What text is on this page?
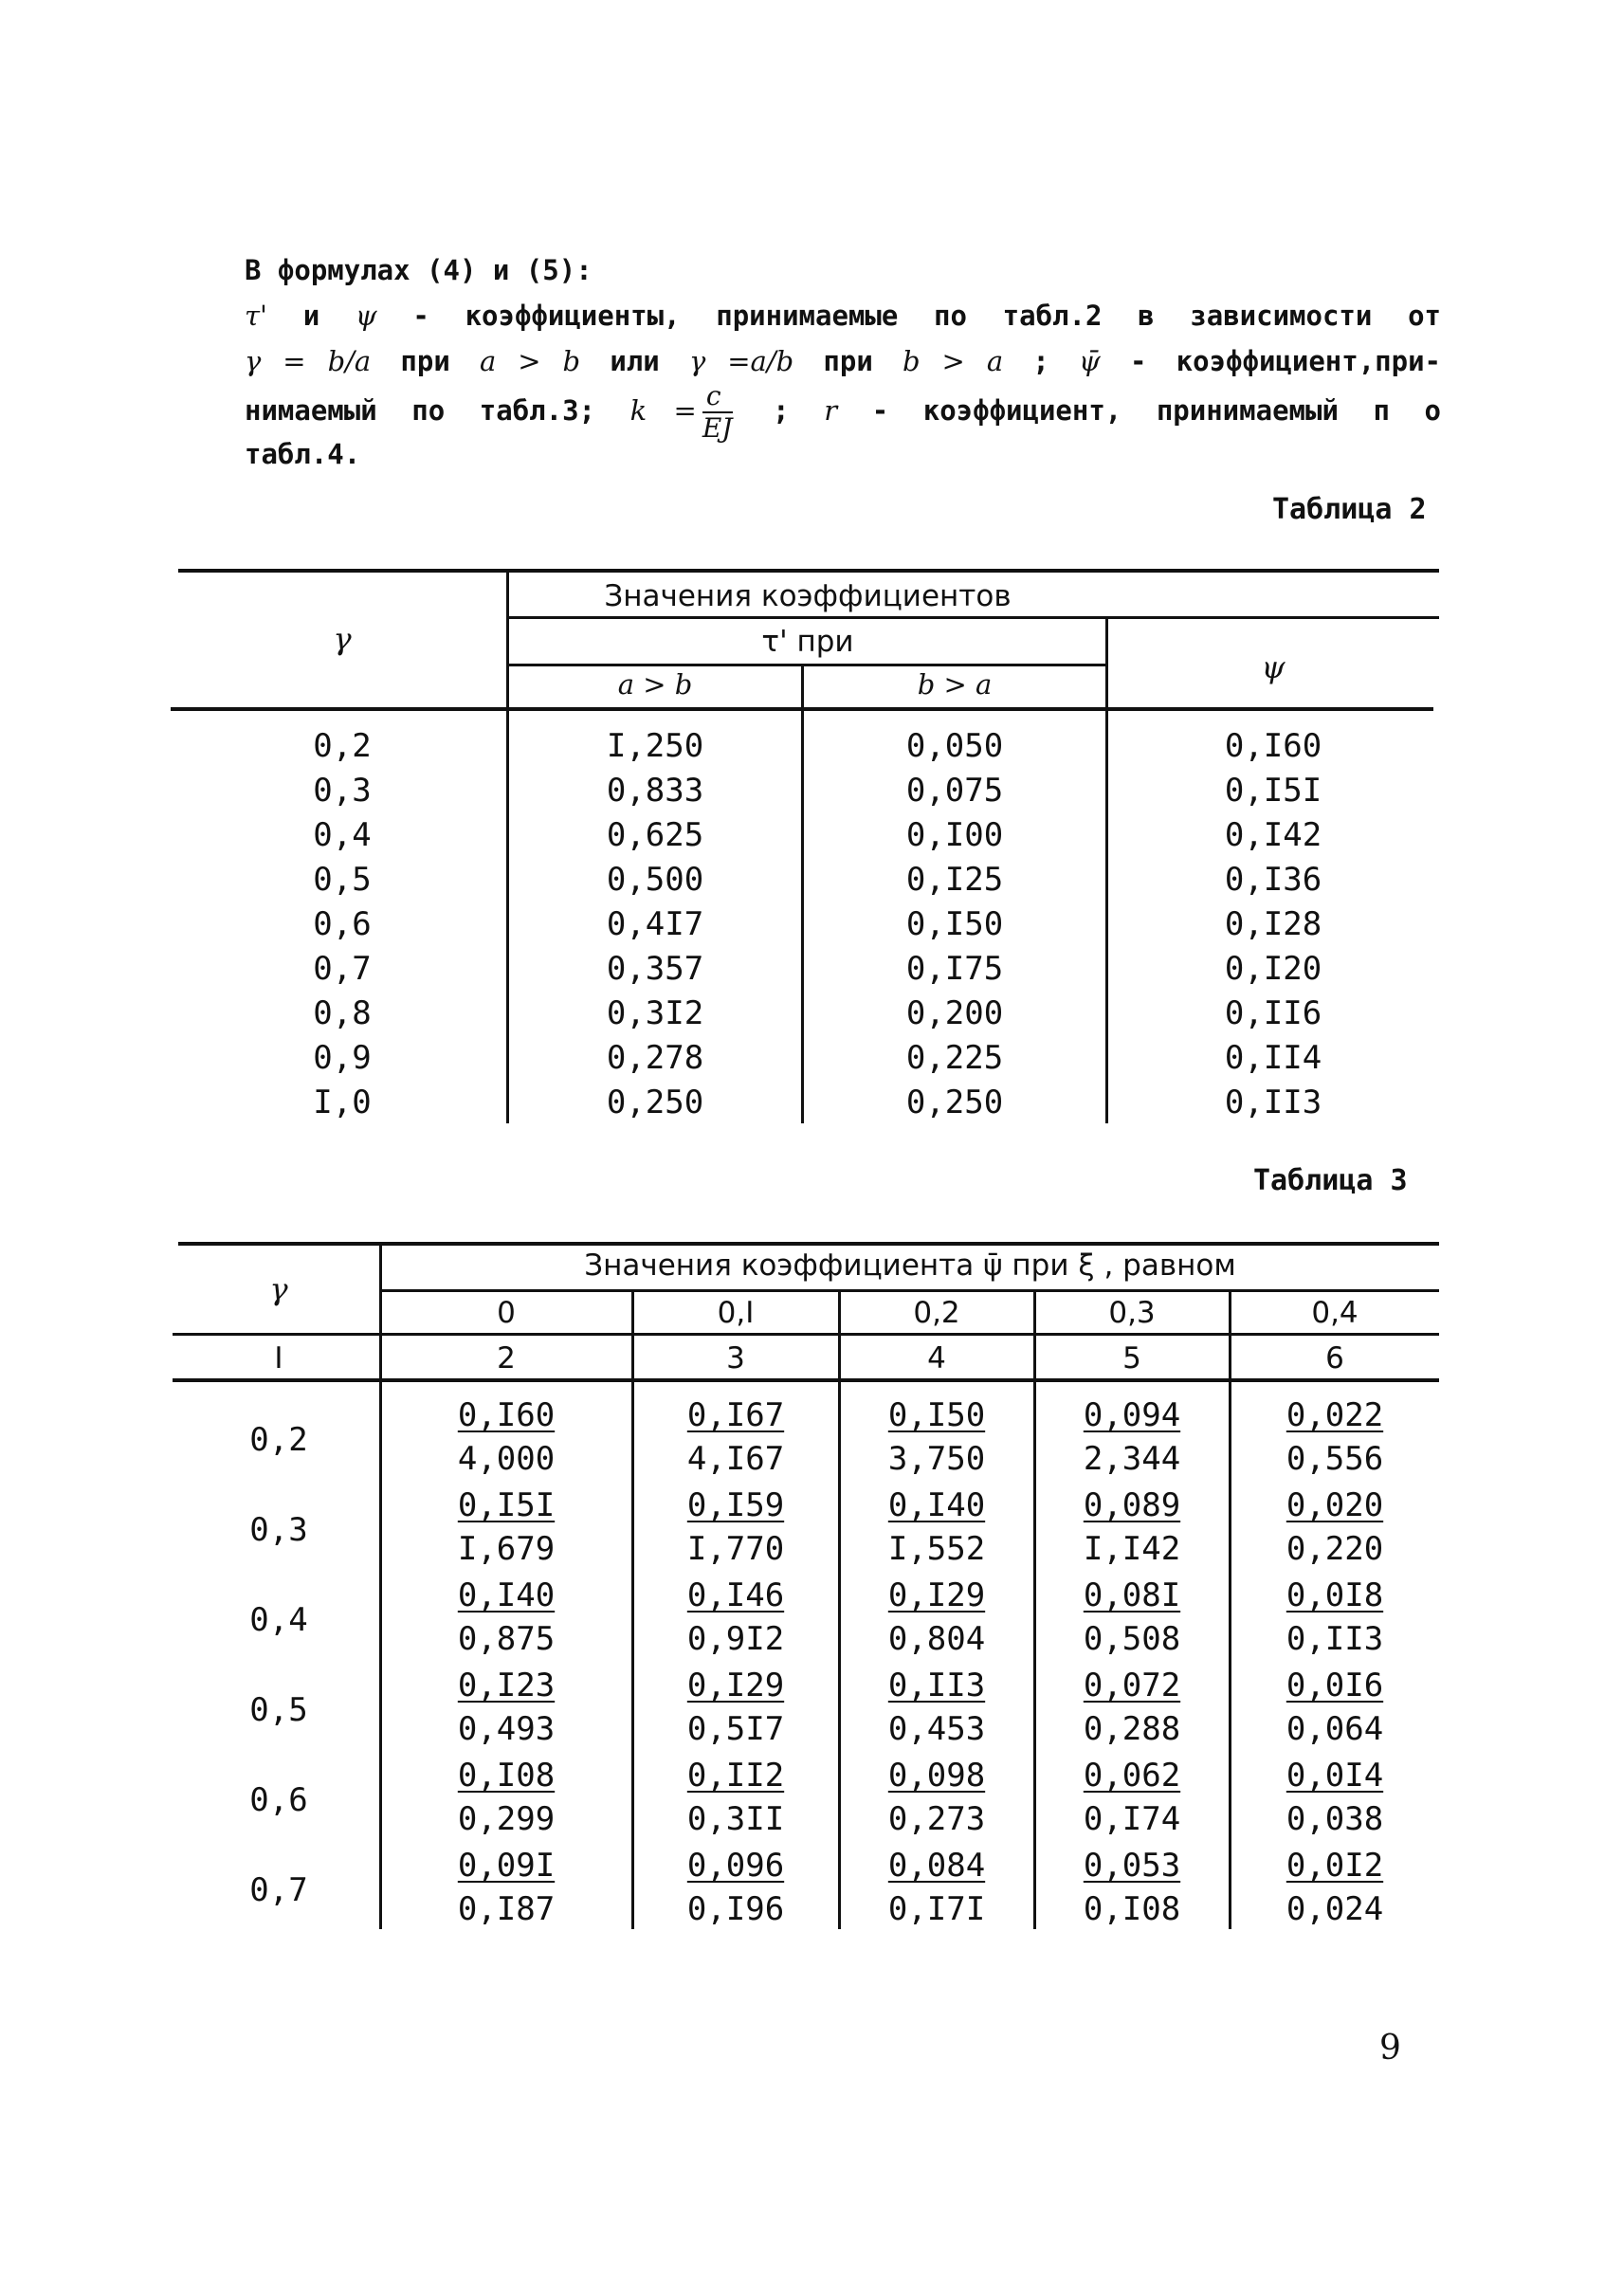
В формулах (4) и (5):
τ' и ψ - коэффициенты, принимаемые по табл.2 в зависимости от
γ = b/a при a > b или γ =a/b при b > a ; ψ̄ - коэффициент,при-
нимаемый по табл.3; $k = \frac{c}{EJ}$ ; r - коэффициент, принимаемый п о
табл.4.
Таблица 2
γ
Значения коэффициентов
τ' при
a > b	b > a	ψ
0,2	I,250	0,050	0,I60
0,3	0,833	0,075	0,I5I
0,4	0,625	0,I00	0,I42
0,5	0,500	0,I25	0,I36
0,6	0,4I7	0,I50	0,I28
0,7	0,357	0,I75	0,I20
0,8	0,3I2	0,200	0,II6
0,9	0,278	0,225	0,II4
I,0	0,250	0,250	0,II3
Таблица 3
γ
Значения коэффициента ψ̄ при ξ , равном
0	0,I	0,2	0,3	0,4
I	2	3	4	5	6
0,2
0,I60	0,I67	0,I50	0,094	0,022
4,000	4,I67	3,750	2,344	0,556
0,3
0,I5I	0,I59	0,I40	0,089	0,020
I,679	I,770	I,552	I,I42	0,220
0,4
0,I40	0,I46	0,I29	0,08I	0,0I8
0,875	0,9I2	0,804	0,508	0,II3
0,5
0,I23	0,I29	0,II3	0,072	0,0I6
0,493	0,5I7	0,453	0,288	0,064
0,6
0,I08	0,II2	0,098	0,062	0,0I4
0,299	0,3II	0,273	0,I74	0,038
0,7
0,09I	0,096	0,084	0,053	0,0I2
0,I87	0,I96	0,I7I	0,I08	0,024
9
